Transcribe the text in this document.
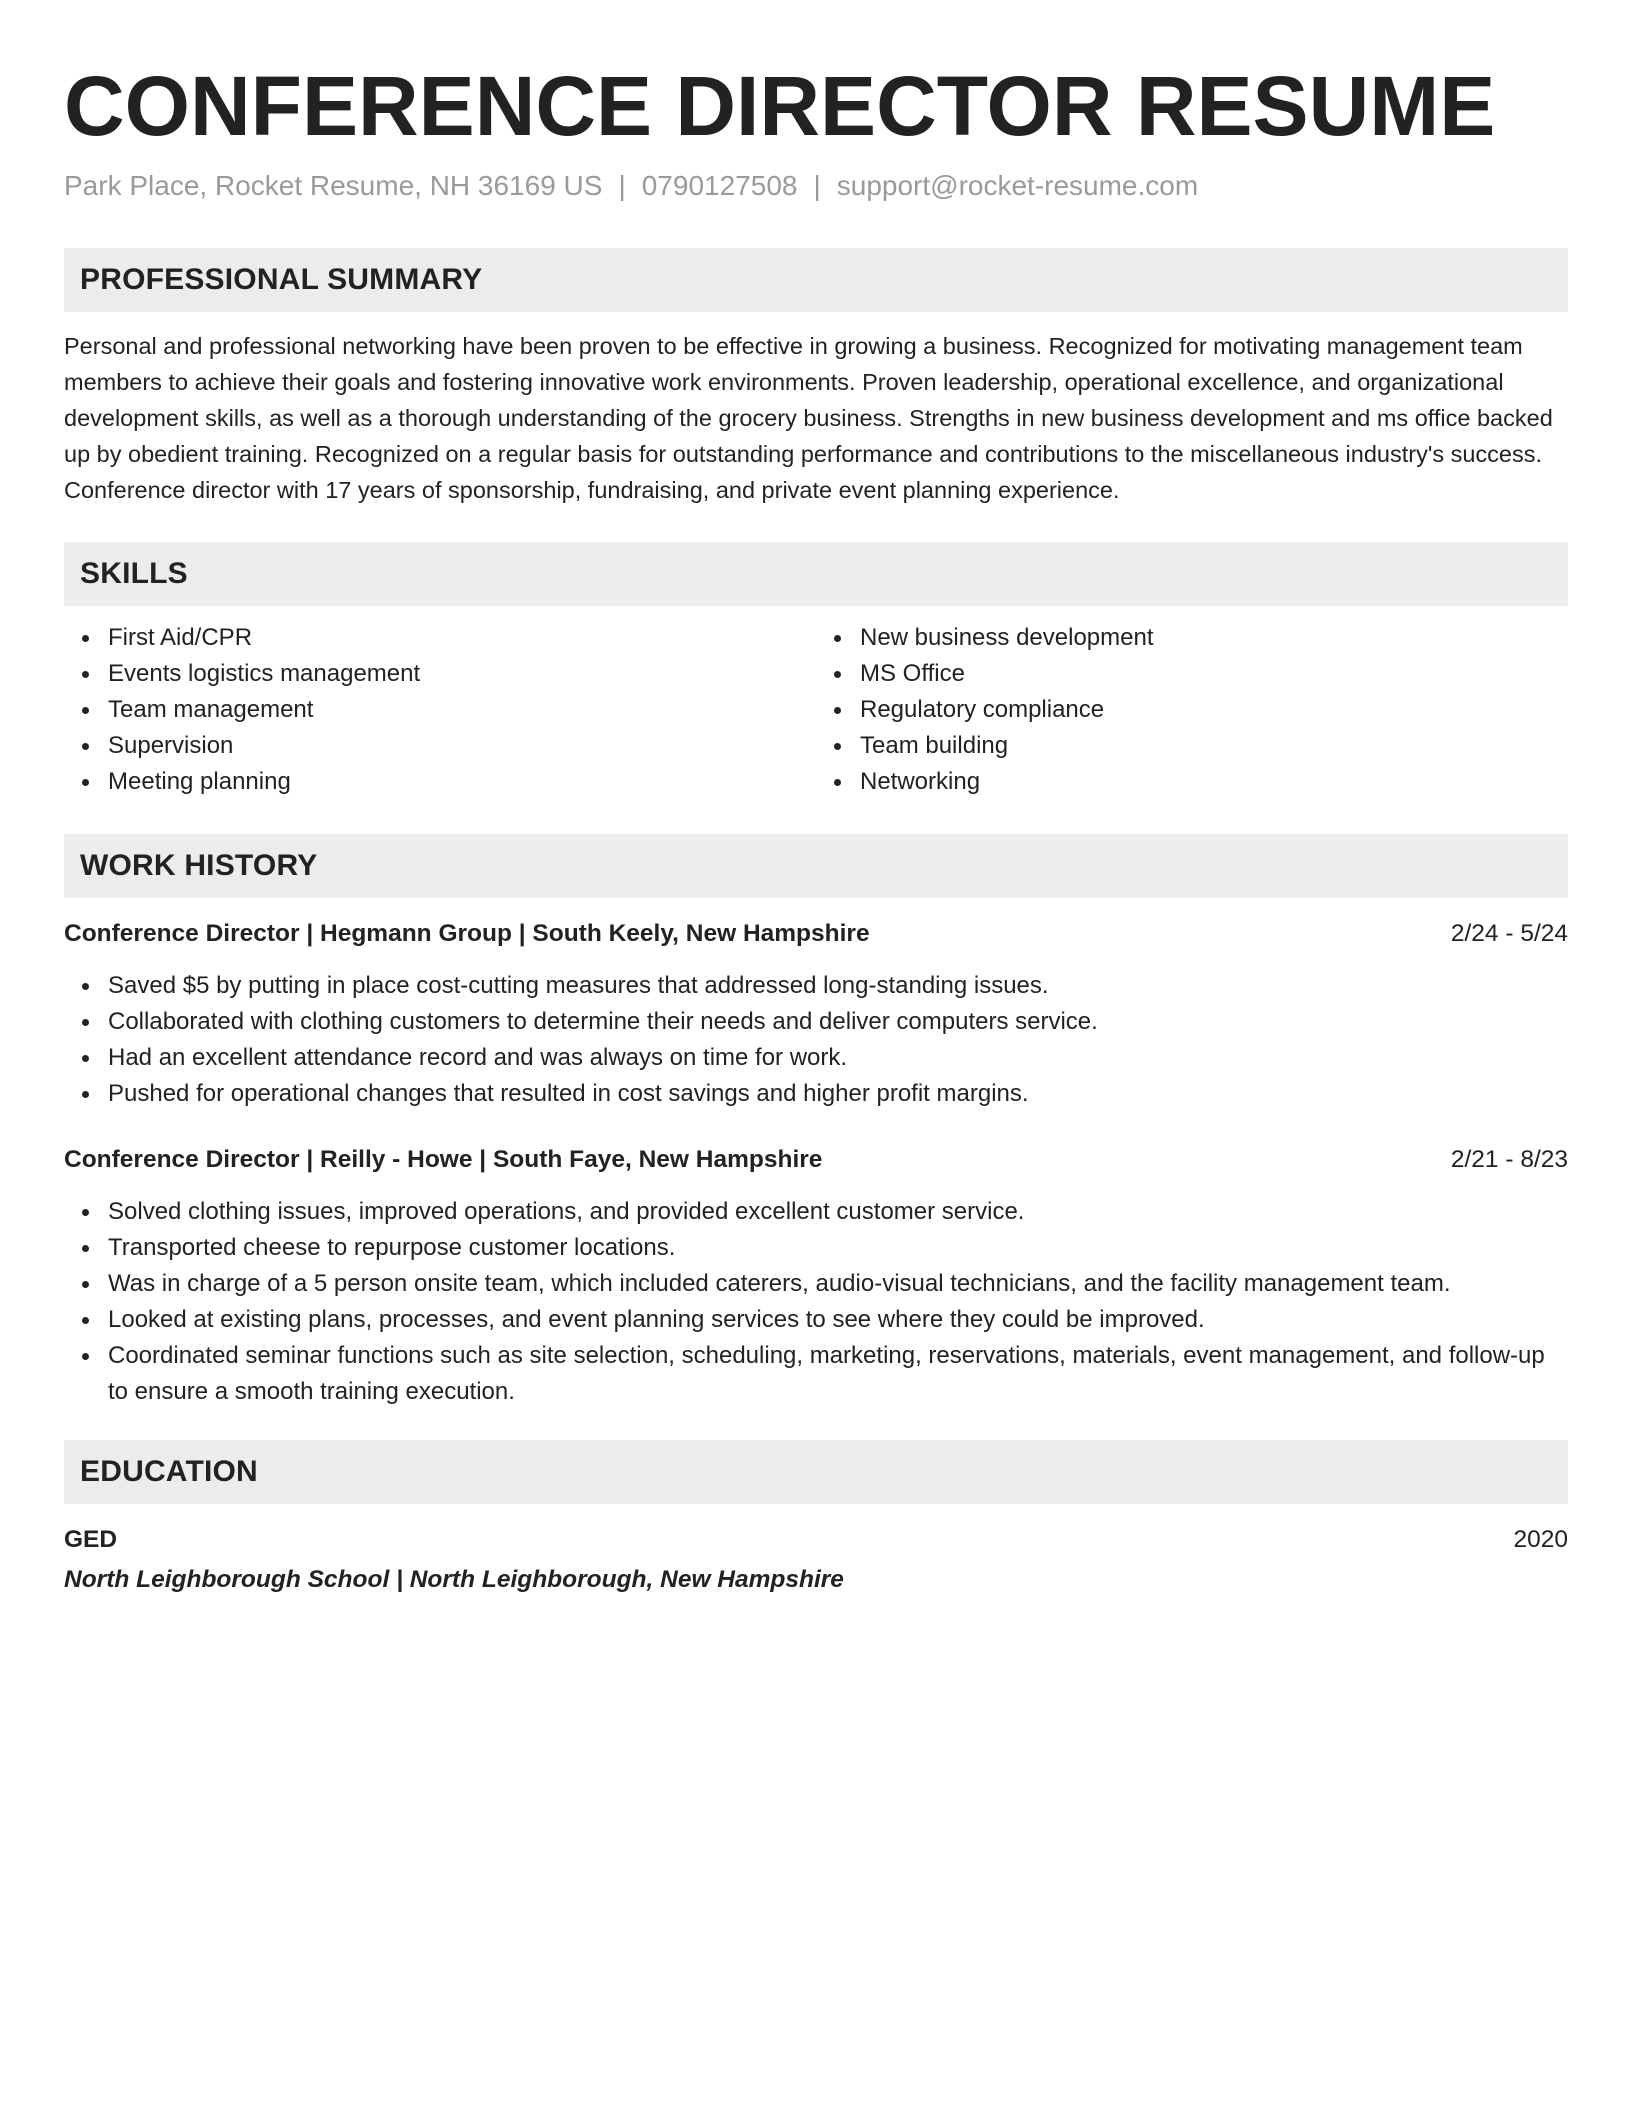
CONFERENCE DIRECTOR RESUME
Park Place, Rocket Resume, NH 36169 US | 0790127508 | support@rocket-resume.com
PROFESSIONAL SUMMARY

Personal and professional networking have been proven to be effective in growing a business. Recognized for motivating management team members to achieve their goals and fostering innovative work environments. Proven leadership, operational excellence, and organizational development skills, as well as a thorough understanding of the grocery business. Strengths in new business development and ms office backed up by obedient training. Recognized on a regular basis for outstanding performance and contributions to the miscellaneous industry's success. Conference director with 17 years of sponsorship, fundraising, and private event planning experience.

SKILLS
First Aid/CPR
Events logistics management
Team management
Supervision
Meeting planning
New business development
MS Office
Regulatory compliance
Team building
Networking
WORK HISTORY
Conference Director | Hegmann Group | South Keely, New Hampshire	2/24 - 5/24
Saved $5 by putting in place cost-cutting measures that addressed long-standing issues.
Collaborated with clothing customers to determine their needs and deliver computers service.
Had an excellent attendance record and was always on time for work.
Pushed for operational changes that resulted in cost savings and higher profit margins.
Conference Director | Reilly - Howe | South Faye, New Hampshire	2/21 - 8/23
Solved clothing issues, improved operations, and provided excellent customer service.
Transported cheese to repurpose customer locations.
Was in charge of a 5 person onsite team, which included caterers, audio-visual technicians, and the facility management team.
Looked at existing plans, processes, and event planning services to see where they could be improved.
Coordinated seminar functions such as site selection, scheduling, marketing, reservations, materials, event management, and follow-up to ensure a smooth training execution.
EDUCATION
GED	2020
North Leighborough School | North Leighborough, New Hampshire
